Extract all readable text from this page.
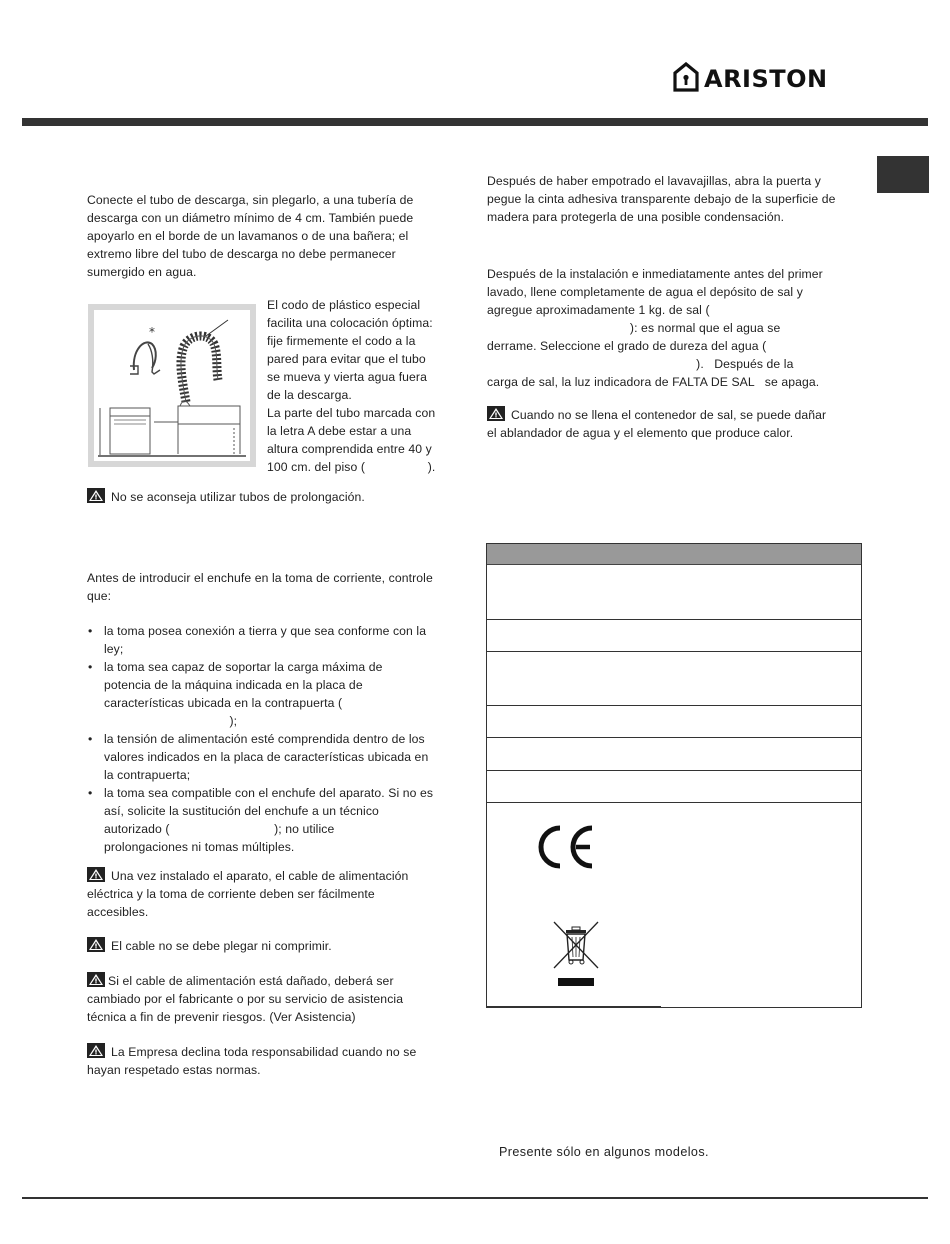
ARISTON
Conecte el tubo de descarga, sin plegarlo, a una tubería de descarga con un diámetro mínimo de 4 cm. También puede apoyarlo en el borde de un lavamanos o de una bañera; el extremo libre del tubo de descarga no debe permanecer sumergido en agua.
*
El codo de plástico especial
facilita una colocación óptima:
fije firmemente el codo a la
pared para evitar que el tubo
se mueva y vierta agua fuera
de la descarga.
La parte del tubo marcada con
la letra A debe estar a una
altura comprendida entre 40 y
100 cm. del piso (                  ).
No se aconseja utilizar tubos de prolongación.
Antes de introducir el enchufe en la toma de corriente, controle que:
• la toma posea conexión a tierra y que sea conforme con la
ley;
• la toma sea capaz de soportar la carga máxima de
potencia de la máquina indicada en la placa de
características ubicada en la contrapuerta (
);
• la tensión de alimentación esté comprendida dentro de los
valores indicados en la placa de características ubicada en
la contrapuerta;
• la toma sea compatible con el enchufe del aparato. Si no es
así, solicite la sustitución del enchufe a un técnico
autorizado (                              ); no utilice
prolongaciones ni tomas múltiples.
Una vez instalado el aparato, el cable de alimentación
eléctrica y la toma de corriente deben ser fácilmente
accesibles.
El cable no se debe plegar ni comprimir.
Si el cable de alimentación está dañado, deberá ser
cambiado por el fabricante o por su servicio de asistencia
técnica a fin de prevenir riesgos. (Ver Asistencia)
La Empresa declina toda responsabilidad cuando no se
hayan respetado estas normas.
Después de haber empotrado el lavavajillas, abra la puerta y pegue la cinta adhesiva transparente debajo de la superficie de madera para protegerla de una posible condensación.
Después de la instalación e inmediatamente antes del primer
lavado, llene completamente de agua el depósito de sal y
agregue aproximadamente 1 kg. de sal (
): es normal que el agua se
derrame. Seleccione el grado de dureza del agua (
).   Después de la
carga de sal, la luz indicadora de FALTA DE SAL   se apaga.
Cuando no se llena el contenedor de sal, se puede dañar
el ablandador de agua y el elemento que produce calor.
Presente sólo en algunos modelos.
